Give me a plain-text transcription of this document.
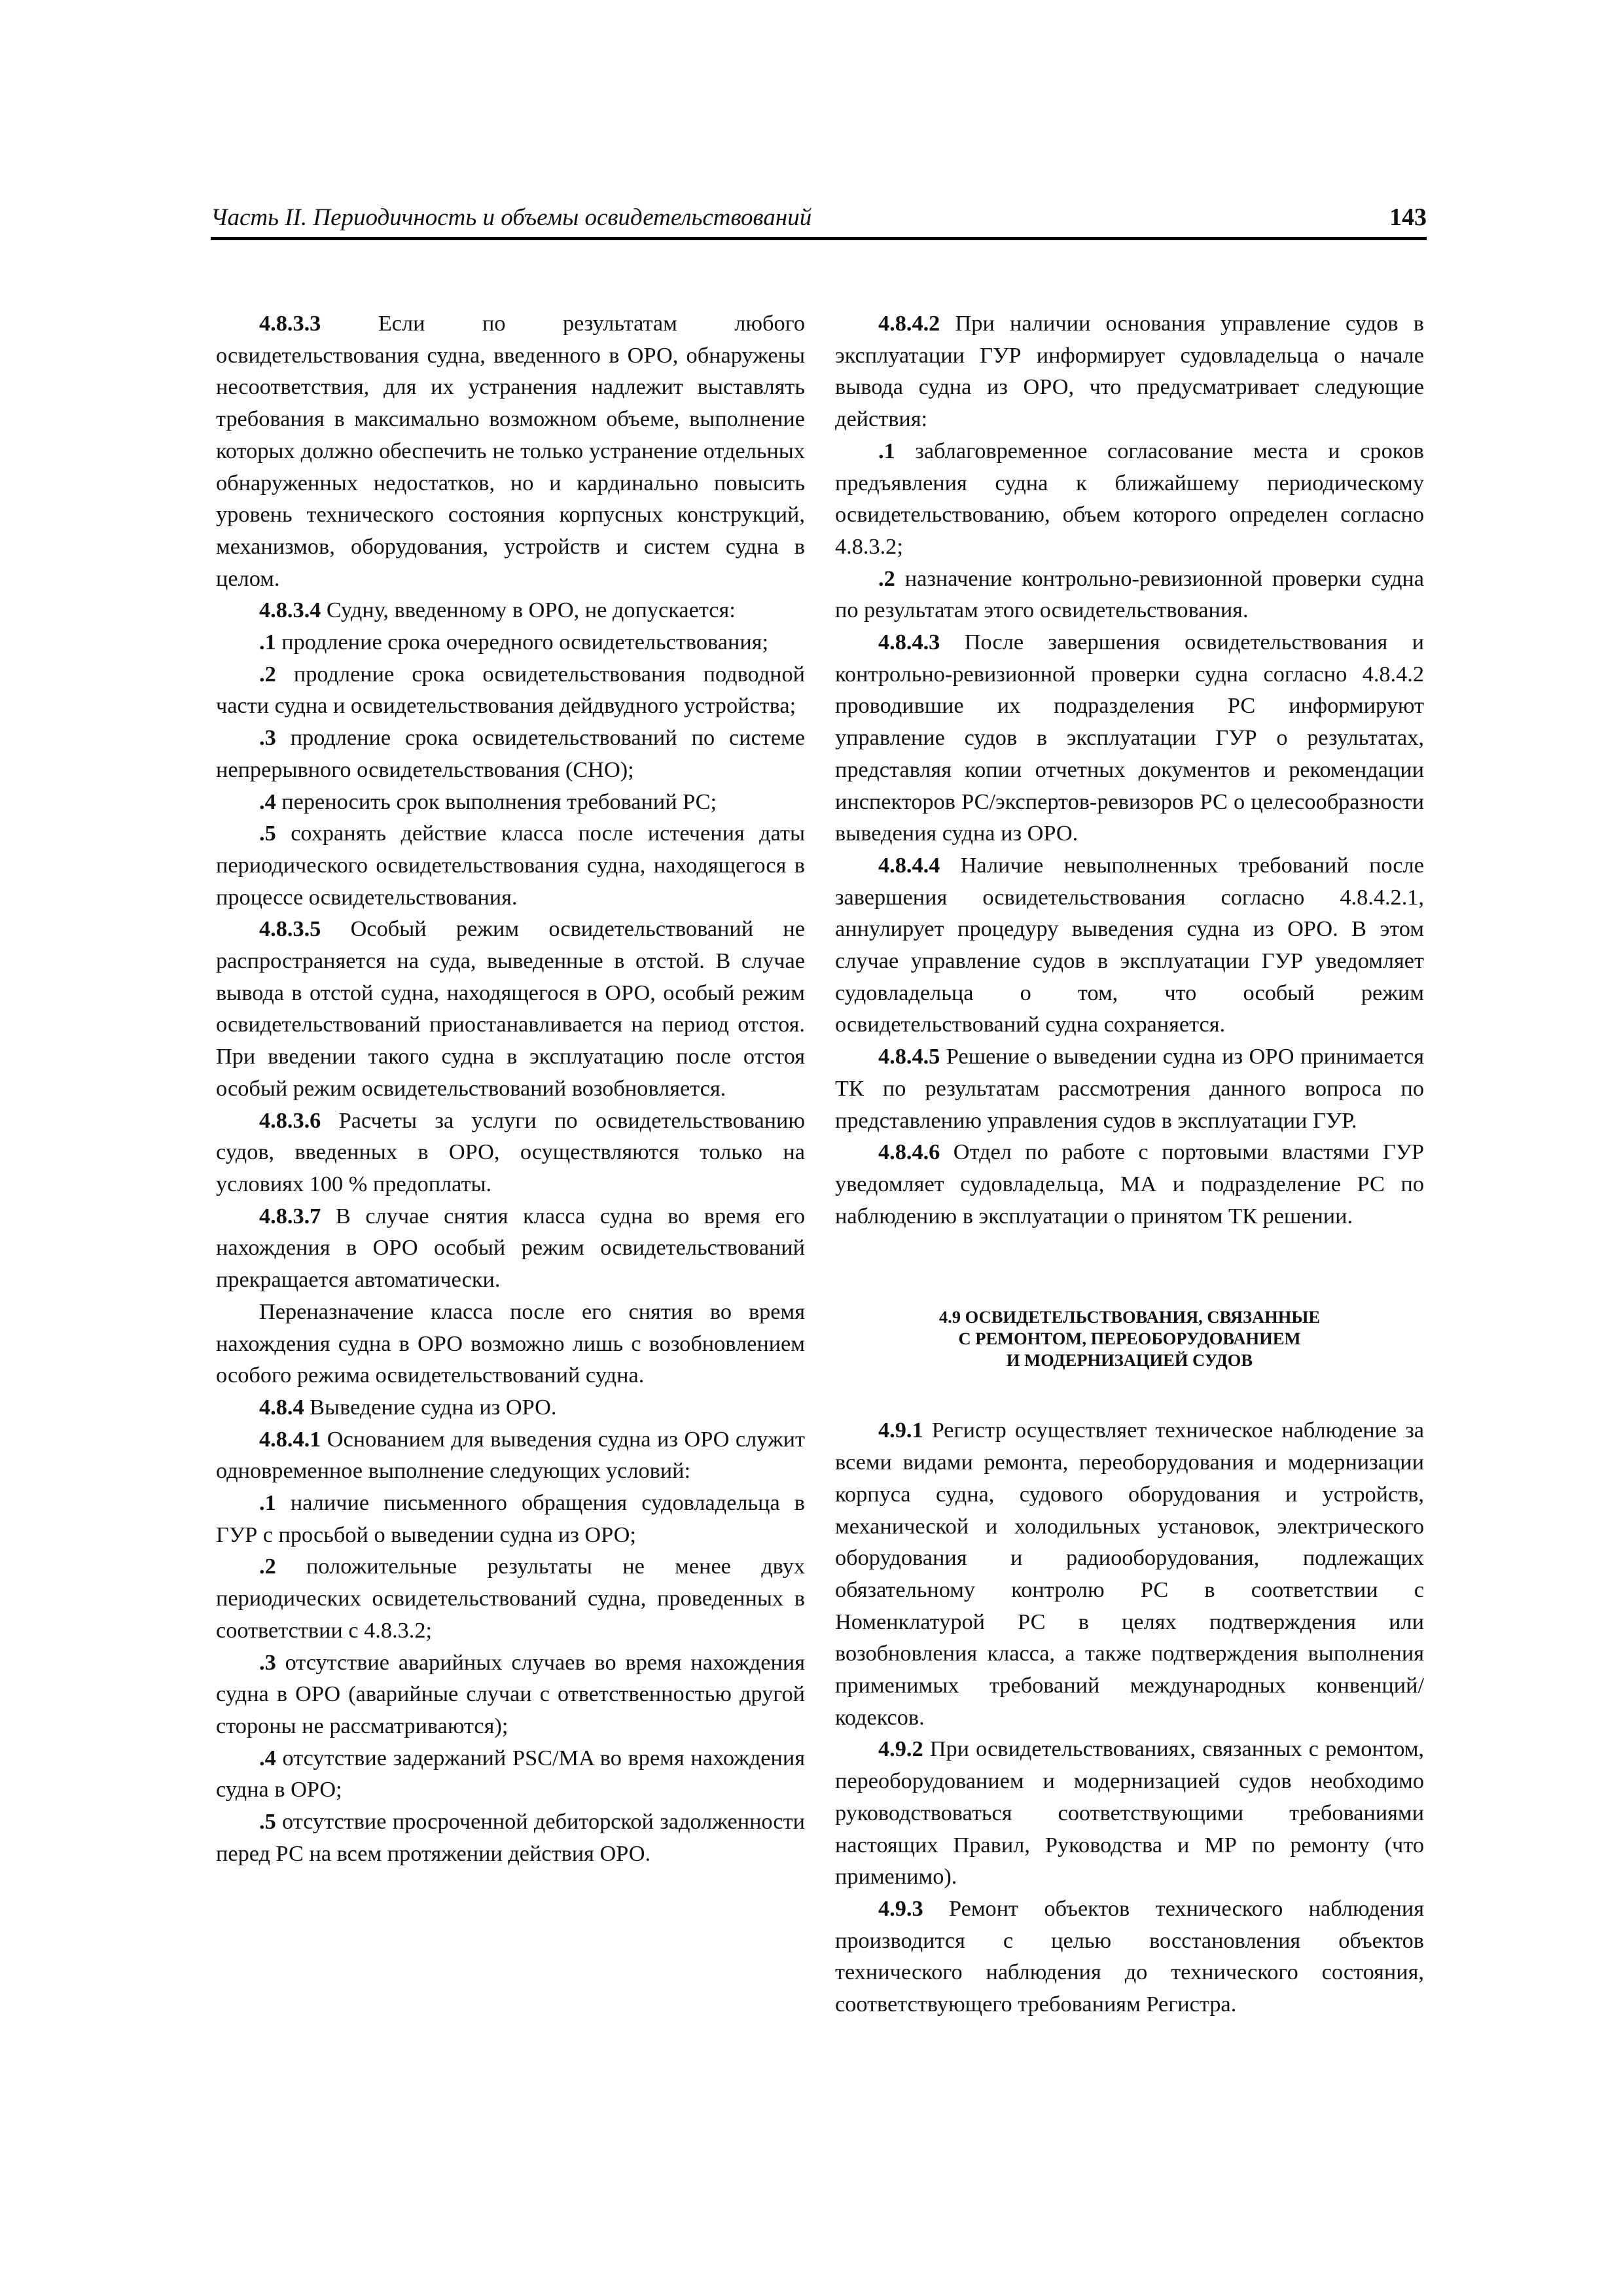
Часть II. Периодичность и объемы освидетельствований	143

4.8.3.3 Если по результатам любого освидетельствования судна, введенного в ОРО, обнаружены несоответствия, для их устранения надлежит выставлять требования в максимально возможном объеме, выполнение которых должно обеспечить не только устранение отдельных обнаруженных недостатков, но и кардинально повысить уровень технического состояния корпусных конструкций, механизмов, оборудования, устройств и систем судна в целом.

4.8.3.4 Судну, введенному в ОРО, не допускается:

.1 продление срока очередного освидетельствования;

.2 продление срока освидетельствования подводной части судна и освидетельствования дейдвудного устройства;

.3 продление срока освидетельствований по системе непрерывного освидетельствования (СНО);

.4 переносить срок выполнения требований РС;

.5 сохранять действие класса после истечения даты периодического освидетельствования судна, находящегося в процессе освидетельствования.

4.8.3.5 Особый режим освидетельствований не распространяется на суда, выведенные в отстой. В случае вывода в отстой судна, находящегося в ОРО, особый режим освидетельствований приостанавливается на период отстоя. При введении такого судна в эксплуатацию после отстоя особый режим освидетельствований возобновляется.

4.8.3.6 Расчеты за услуги по освидетельствованию судов, введенных в ОРО, осуществляются только на условиях 100 % предоплаты.

4.8.3.7 В случае снятия класса судна во время его нахождения в ОРО особый режим освидетельствований прекращается автоматически.

Переназначение класса после его снятия во время нахождения судна в ОРО возможно лишь с возобновлением особого режима освидетельствований судна.

4.8.4 Выведение судна из ОРО.

4.8.4.1 Основанием для выведения судна из ОРО служит одновременное выполнение следующих условий:

.1 наличие письменного обращения судовладельца в ГУР с просьбой о выведении судна из ОРО;

.2 положительные результаты не менее двух периодических освидетельствований судна, проведенных в соответствии с 4.8.3.2;

.3 отсутствие аварийных случаев во время нахождения судна в ОРО (аварийные случаи с ответственностью другой стороны не рассматриваются);

.4 отсутствие задержаний PSC/MA во время нахождения судна в ОРО;

.5 отсутствие просроченной дебиторской задолженности перед РС на всем протяжении действия ОРО.

4.8.4.2 При наличии основания управление судов в эксплуатации ГУР информирует судовладельца о начале вывода судна из ОРО, что предусматривает следующие действия:

.1 заблаговременное согласование места и сроков предъявления судна к ближайшему периодическому освидетельствованию, объем которого определен согласно 4.8.3.2;

.2 назначение контрольно-ревизионной проверки судна по результатам этого освидетельствования.

4.8.4.3 После завершения освидетельствования и контрольно-ревизионной проверки судна согласно 4.8.4.2 проводившие их подразделения РС информируют управление судов в эксплуатации ГУР о результатах, представляя копии отчетных документов и рекомендации инспекторов РС/экспертов-ревизоров РС о целесообразности выведения судна из ОРО.

4.8.4.4 Наличие невыполненных требований после завершения освидетельствования согласно 4.8.4.2.1, аннулирует процедуру выведения судна из ОРО. В этом случае управление судов в эксплуатации ГУР уведомляет судовладельца о том, что особый режим освидетельствований судна сохраняется.

4.8.4.5 Решение о выведении судна из ОРО принимается ТК по результатам рассмотрения данного вопроса по представлению управления судов в эксплуатации ГУР.

4.8.4.6 Отдел по работе с портовыми властями ГУР уведомляет судовладельца, МА и подразделение РС по наблюдению в эксплуатации о принятом ТК решении.

4.9 ОСВИДЕТЕЛЬСТВОВАНИЯ, СВЯЗАННЫЕ
С РЕМОНТОМ, ПЕРЕОБОРУДОВАНИЕМ
И МОДЕРНИЗАЦИЕЙ СУДОВ

4.9.1 Регистр осуществляет техническое наблюдение за всеми видами ремонта, переоборудования и модернизации корпуса судна, судового оборудования и устройств, механической и холодильных установок, электрического оборудования и радиооборудования, подлежащих обязательному контролю РС в соответствии с Номенклатурой РС в целях подтверждения или возобновления класса, а также подтверждения выполнения применимых требований международных конвенций/кодексов.

4.9.2 При освидетельствованиях, связанных с ремонтом, переоборудованием и модернизацией судов необходимо руководствоваться соответствующими требованиями настоящих Правил, Руководства и МР по ремонту (что применимо).

4.9.3 Ремонт объектов технического наблюдения производится с целью восстановления объектов технического наблюдения до технического состояния, соответствующего требованиям Регистра.
